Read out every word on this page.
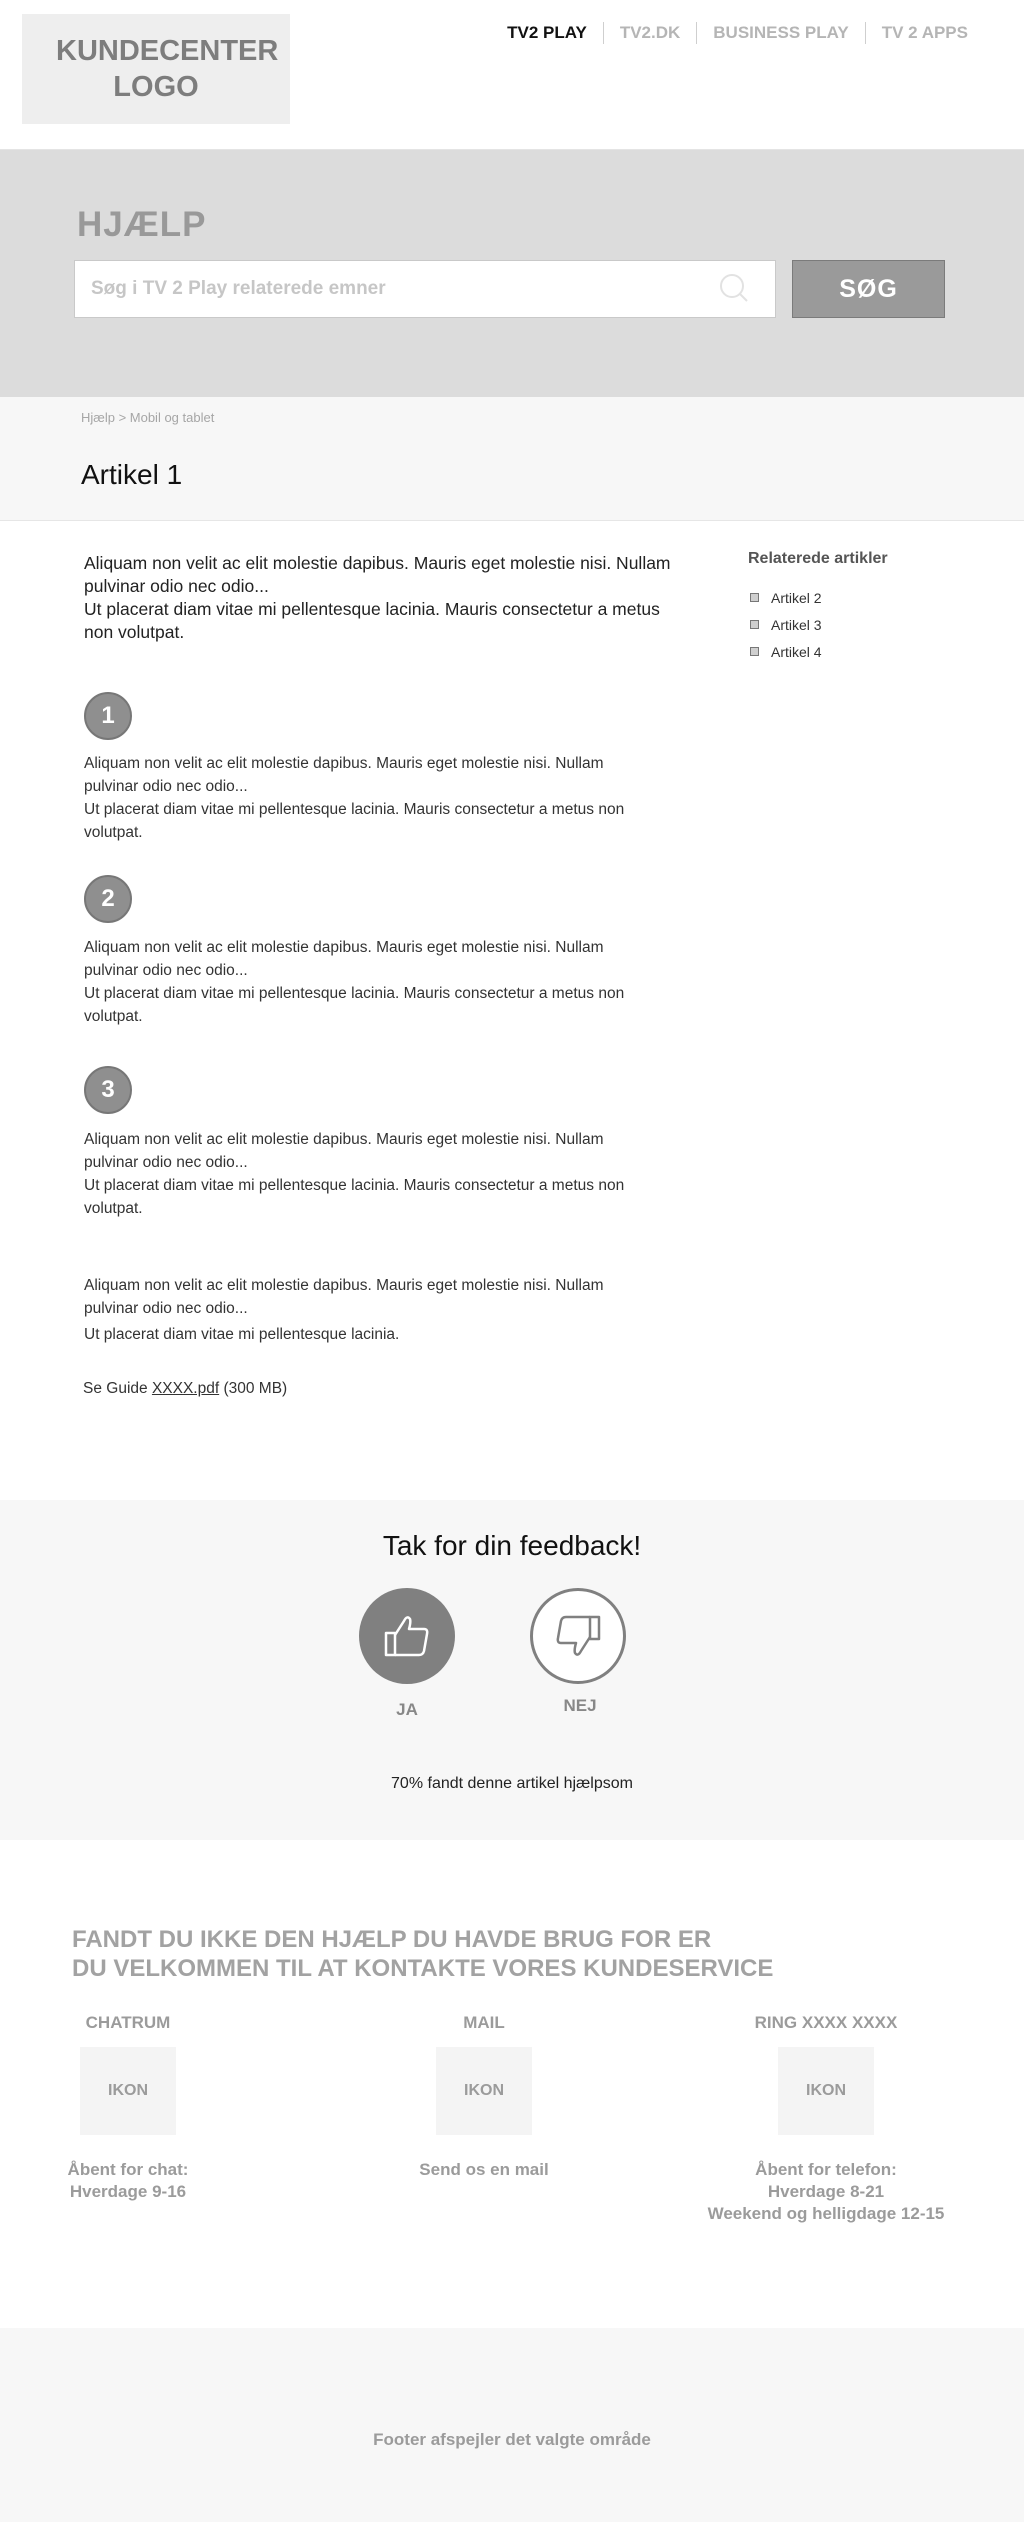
KUNDECENTER LOGO
TV2 PLAY	TV2.DK	BUSINESS PLAY	TV 2 APPS
HJÆLP
Søg i TV 2 Play relaterede emner	SØG
Hjælp > Mobil og tablet
Artikel 1
Aliquam non velit ac elit molestie dapibus. Mauris eget molestie nisi. Nullam pulvinar odio nec odio...
Ut placerat diam vitae mi pellentesque lacinia. Mauris consectetur a metus non volutpat.
1
Aliquam non velit ac elit molestie dapibus. Mauris eget molestie nisi. Nullam pulvinar odio nec odio...
Ut placerat diam vitae mi pellentesque lacinia. Mauris consectetur a metus non volutpat.
2
Aliquam non velit ac elit molestie dapibus. Mauris eget molestie nisi. Nullam pulvinar odio nec odio...
Ut placerat diam vitae mi pellentesque lacinia. Mauris consectetur a metus non volutpat.
3
Aliquam non velit ac elit molestie dapibus. Mauris eget molestie nisi. Nullam pulvinar odio nec odio...
Ut placerat diam vitae mi pellentesque lacinia. Mauris consectetur a metus non volutpat.
Aliquam non velit ac elit molestie dapibus. Mauris eget molestie nisi. Nullam pulvinar odio nec odio...
Ut placerat diam vitae mi pellentesque lacinia.
Se Guide XXXX.pdf (300 MB)
Relaterede artikler
Artikel 2
Artikel 3
Artikel 4
Tak for din feedback!
JA	NEJ
70% fandt denne artikel hjælpsom
FANDT DU IKKE DEN HJÆLP DU HAVDE BRUG FOR ER
DU VELKOMMEN TIL AT KONTAKTE VORES KUNDESERVICE
CHATRUM
IKON
Åbent for chat:
Hverdage 9-16
MAIL
IKON
Send os en mail
RING XXXX XXXX
IKON
Åbent for telefon:
Hverdage 8-21
Weekend og helligdage 12-15
Footer afspejler det valgte område
